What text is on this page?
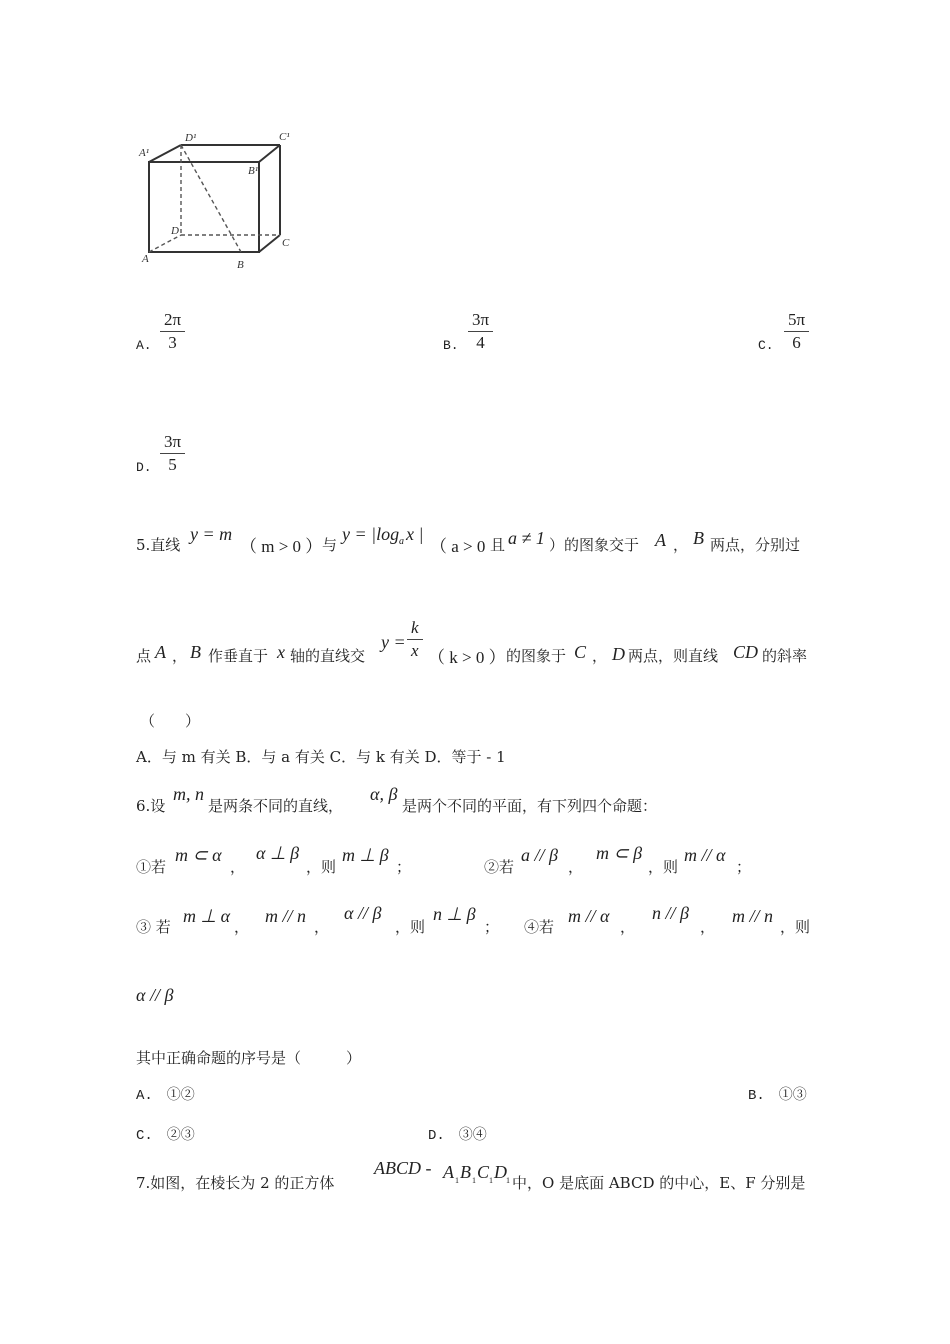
A¹
D¹	C¹
B¹
A	B
C
D
A.
2π
3	B.
3π
4	C.
5π
6
D.
3π
5
5.直线
y = m
（ m > 0 ） 与
y = |log a x |
（ a > 0 且 a ≠ 1 ）的图象交于 A ， B 两点，分别过
点 A ， B 作垂直于 x 轴的直线交
y =
k
x （ k > 0 ） 的图象于 C ， D 两点，则直线 CD 的斜率
（　　）
A．与 m 有关 B．与 a 有关 C．与 k 有关 D．等于 - 1
6.设
m, n
是两条不同的直线，
α, β
是两个不同的平面，有下列四个命题：
①若
m ⊂ α
，
α ⊥ β
，则
m ⊥ β
；	②若
a // β
，
m ⊂ β
，则
m // α
；
③ 若
m ⊥ α
，
m // n
，
α // β
，则
n ⊥ β
； ④若
m // α
，
n // β
，
m // n
，则
α // β
其中正确命题的序号是（　　　）
A.　①②	B.　①③
C.　②③	D.　③④
7.如图，在棱长为 2 的正方体
ABCD - A 1 B 1 C 1 D 1 中，O 是底面 ABCD 的中心，E、F 分别是
